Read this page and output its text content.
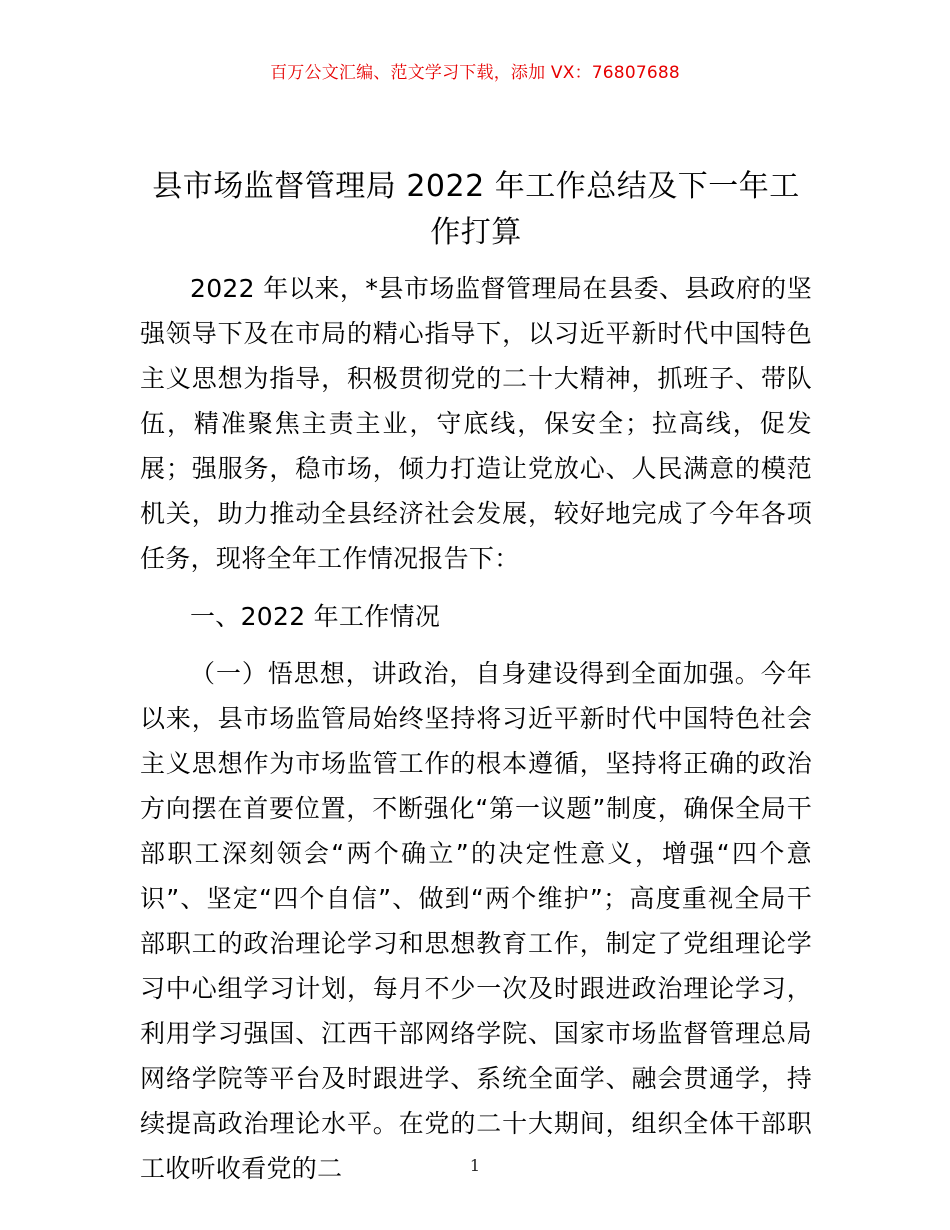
百万公文汇编、范文学习下载，添加 VX：76807688
县市场监督管理局 2022 年工作总结及下一年工作打算

2022 年以来，*县市场监督管理局在县委、县政府的坚强领导下及在市局的精心指导下，以习近平新时代中国特色主义思想为指导，积极贯彻党的二十大精神，抓班子、带队伍，精准聚焦主责主业，守底线，保安全；拉高线，促发展；强服务，稳市场，倾力打造让党放心、人民满意的模范机关，助力推动全县经济社会发展，较好地完成了今年各项任务，现将全年工作情况报告下：

一、2022 年工作情况

（一）悟思想，讲政治，自身建设得到全面加强。今年以来，县市场监管局始终坚持将习近平新时代中国特色社会主义思想作为市场监管工作的根本遵循，坚持将正确的政治方向摆在首要位置，不断强化“第一议题”制度，确保全局干部职工深刻领会“两个确立”的决定性意义，增强“四个意识”、坚定“四个自信”、做到“两个维护”；高度重视全局干部职工的政治理论学习和思想教育工作，制定了党组理论学习中心组学习计划，每月不少一次及时跟进政治理论学习，利用学习强国、江西干部网络学院、国家市场监督管理总局网络学院等平台及时跟进学、系统全面学、融会贯通学，持续提高政治理论水平。在党的二十大期间，组织全体干部职工收听收看党的二	1
